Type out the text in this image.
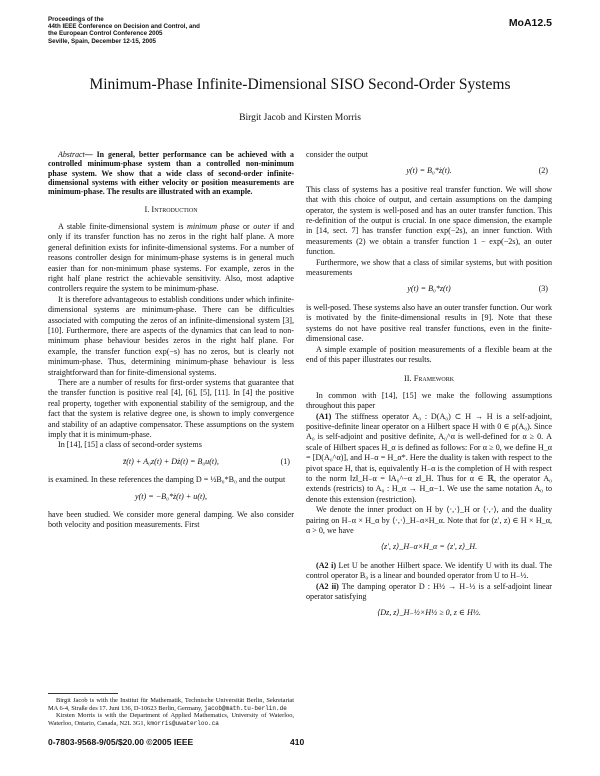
Proceedings of the
44th IEEE Conference on Decision and Control, and
the European Control Conference 2005
Seville, Spain, December 12-15, 2005
MoA12.5
Minimum-Phase Infinite-Dimensional SISO Second-Order Systems
Birgit Jacob and Kirsten Morris

Abstract— In general, better performance can be achieved with a controlled minimum-phase system than a controlled non-minimum phase system. We show that a wide class of second-order infinite-dimensional systems with either velocity or position measurements are minimum-phase. The results are illustrated with an example.

I. Introduction

A stable finite-dimensional system is minimum phase or outer if and only if its transfer function has no zeros in the right half plane. A more general definition exists for infinite-dimensional systems. For a number of reasons controller design for minimum-phase systems is in general much easier than for non-minimum phase systems. For example, zeros in the right half plane restrict the achievable sensitivity. Also, most adaptive controllers require the system to be minimum-phase.

It is therefore advantageous to establish conditions under which infinite-dimensional systems are minimum-phase. There can be difficulties associated with computing the zeros of an infinite-dimensional system [3], [10]. Furthermore, there are aspects of the dynamics that can lead to non-minimum phase behaviour besides zeros in the right half plane. For example, the transfer function exp(−s) has no zeros, but is clearly not minimum-phase. Thus, determining minimum-phase behaviour is less straightforward than for finite-dimensional systems.

There are a number of results for first-order systems that guarantee that the transfer function is positive real [4], [6], [5], [11]. In [4] the positive real property, together with exponential stability of the semigroup, and the fact that the system is relative degree one, is shown to imply convergence and stability of an adaptive compensator. These assumptions on the system imply that it is minimum-phase.

In [14], [15] a class of second-order systems

z̈(t) + A₀z(t) + Dż(t) = B₀u(t),	(1)

is examined. In these references the damping D = ½B₀*B₀ and the output

y(t) = −B₀*ż(t) + u(t),

have been studied. We consider more general damping. We also consider both velocity and position measurements. First

Birgit Jacob is with the Institut für Mathematik, Technische Universität Berlin, Sekretariat MA 6-4, Straße des 17. Juni 136, D-10623 Berlin, Germany, jacob@math.tu-berlin.de

Kirsten Morris is with the Department of Applied Mathematics, University of Waterloo, Waterloo, Ontario, Canada, N2L 3G1, kmorris@uwaterloo.ca

consider the output

y(t) = B₀*ż(t).	(2)

This class of systems has a positive real transfer function. We will show that with this choice of output, and certain assumptions on the damping operator, the system is well-posed and has an outer transfer function. This re-definition of the output is crucial. In one space dimension, the example in [14, sect. 7] has transfer function exp(−2s), an inner function. With measurements (2) we obtain a transfer function 1 − exp(−2s), an outer function.

Furthermore, we show that a class of similar systems, but with position measurements

y(t) = B₀*z(t)	(3)

is well-posed. These systems also have an outer transfer function. Our work is motivated by the finite-dimensional results in [9]. Note that these systems do not have positive real transfer functions, even in the finite-dimensional case.

A simple example of position measurements of a flexible beam at the end of this paper illustrates our results.

II. Framework

In common with [14], [15] we make the following assumptions throughout this paper

(A1) The stiffness operator A₀ : D(A₀) ⊂ H → H is a self-adjoint, positive-definite linear operator on a Hilbert space H with 0 ∈ ρ(A₀). Since A₀ is self-adjoint and positive definite, A₀^α is well-defined for α ≥ 0. A scale of Hilbert spaces H_α is defined as follows: For α ≥ 0, we define H_α = [D(A₀^α)], and H₋α = H_α*. Here the duality is taken with respect to the pivot space H, that is, equivalently H₋α is the completion of H with respect to the norm ‖z‖_H₋α = ‖A₀^−α z‖_H. Thus for α ∈ ℝ, the operator A₀ extends (restricts) to A₀ : H_α → H_α−1. We use the same notation A₀ to denote this extension (restriction).

We denote the inner product on H by ⟨·,·⟩_H or ⟨·,·⟩, and the duality pairing on H₋α × H_α by ⟨·,·⟩_H₋α×H_α. Note that for (z′, z) ∈ H × H_α, α > 0, we have

⟨z′, z⟩_H₋α×H_α = ⟨z′, z⟩_H.

(A2 i) Let U be another Hilbert space. We identify U with its dual. The control operator B₀ is a linear and bounded operator from U to H₋½.

(A2 ii) The damping operator D : H½ → H₋½ is a self-adjoint linear operator satisfying

⟨Dz, z⟩_H₋½×H½ ≥ 0, z ∈ H½.
0-7803-9568-9/05/$20.00 ©2005 IEEE	410
